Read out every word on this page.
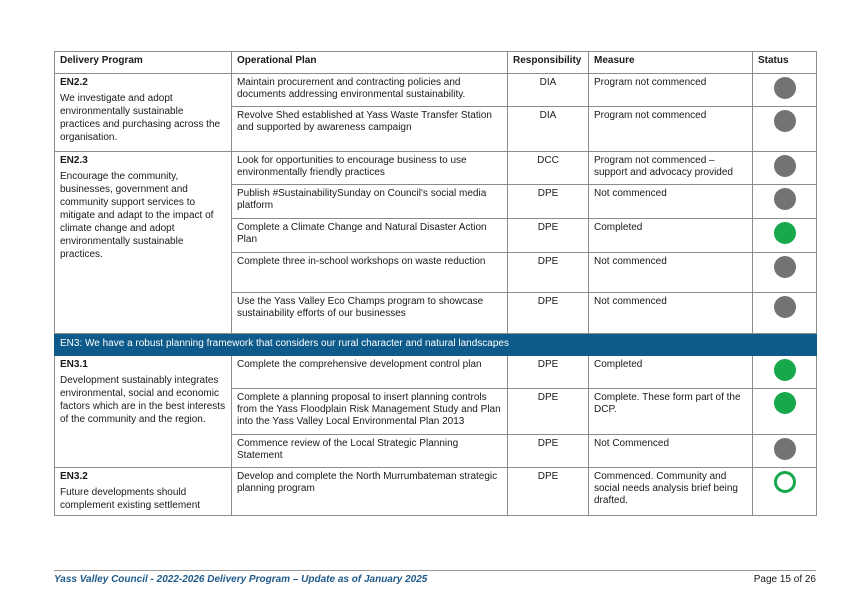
Delivery Program	Operational Plan	Responsibility	Measure	Status

EN2.2
We investigate and adopt environmentally sustainable practices and purchasing across the organisation.	Maintain procurement and contracting policies and documents addressing environmental sustainability.	DIA	Program not commenced	
	Revolve Shed established at Yass Waste Transfer Station and supported by awareness campaign	DIA	Program not commenced	

EN2.3
Encourage the community, businesses, government and community support services to mitigate and adapt to the impact of climate change and adopt environmentally sustainable practices.	Look for opportunities to encourage business to use environmentally friendly practices	DCC	Program not commenced – support and advocacy provided	
	Publish #SustainabilitySunday on Council's social media platform	DPE	Not commenced	
	Complete a Climate Change and Natural Disaster Action Plan	DPE	Completed	
	Complete three in-school workshops on waste reduction	DPE	Not commenced	
	Use the Yass Valley Eco Champs program to showcase sustainability efforts of our businesses	DPE	Not commenced	
EN3: We have a robust planning framework that considers our rural character and natural landscapes				

EN3.1
Development sustainably integrates environmental, social and economic factors which are in the best interests of the community and the region.	Complete the comprehensive development control plan	DPE	Completed	
	Complete a planning proposal to insert planning controls from the Yass Floodplain Risk Management Study and Plan into the Yass Valley Local Environmental Plan 2013	DPE	Complete. These form part of the DCP.	
	Commence review of the Local Strategic Planning Statement	DPE	Not Commenced	

EN3.2
Future developments should complement existing settlement	Develop and complete the North Murrumbateman strategic planning program	DPE	Commenced. Community and social needs analysis brief being drafted.	
Yass Valley Council - 2022-2026 Delivery Program – Update as of January 2025	Page 15 of 26
